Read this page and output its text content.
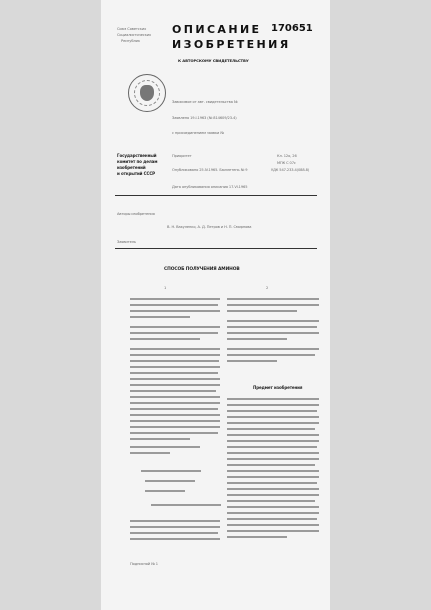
Союз Советских
Социалистических
Республик
ОПИСАНИЕ 170651
ИЗОБРЕТЕНИЯ
К АВТОРСКОМУ СВИДЕТЕЛЬСТВУ
Зависимое от авт. свидетельства №
Заявлено 19.I.1963 (№ 814609/23-4)
с присоединением заявки №
Приоритет
Государственный
комитет по делам
изобретений
и открытий СССР
Опубликовано 25.IV.1965. Бюллетень № 9
Дата опубликования описания 17.VI.1965
Кл. 12о, 26
МПК C 07c
УДК 547.233.4(088.8)
Авторы изобретения
В. Н. Вакуленко, А. Д. Петров и Н. П. Смирнова
Заявитель
СПОСОБ ПОЛУЧЕНИЯ АМИНОВ
1	2
Предмет изобретения
Подписной № 1
